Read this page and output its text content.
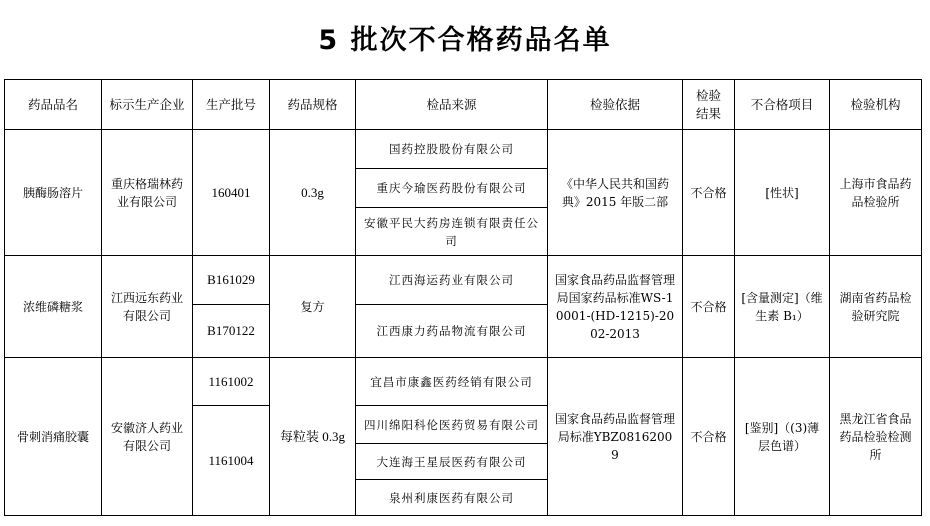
5 批次不合格药品名单
药品品名	标示生产企业	生产批号	药品规格	检品来源	检验依据	检验结果	不合格项目	检验机构
胰酶肠溶片	重庆格瑞林药业有限公司	160401	0.3g	国药控股股份有限公司	《中华人民共和国药典》2015 年版二部	不合格	[性状]	上海市食品药品检验所
				重庆今瑜医药股份有限公司				
				安徽平民大药房连锁有限责任公司				
浓维磷糖浆	江西远东药业有限公司	B161029	复方	江西海运药业有限公司	国家食品药品监督管理局国家药品标准WS-10001-(HD-1215)-2002-2013	不合格	[含量测定]（维生素 B₁）	湖南省药品检验研究院
		B170122		江西康力药品物流有限公司				
骨刺消痛胶囊	安徽济人药业有限公司	1161002	每粒装 0.3g	宜昌市康鑫医药经销有限公司	国家食品药品监督管理局标准YBZ08162009	不合格	[鉴别]（(3)薄层色谱）	黑龙江省食品药品检验检测所
		1161004		四川绵阳科伦医药贸易有限公司				
				大连海王星辰医药有限公司				
				泉州利康医药有限公司				
